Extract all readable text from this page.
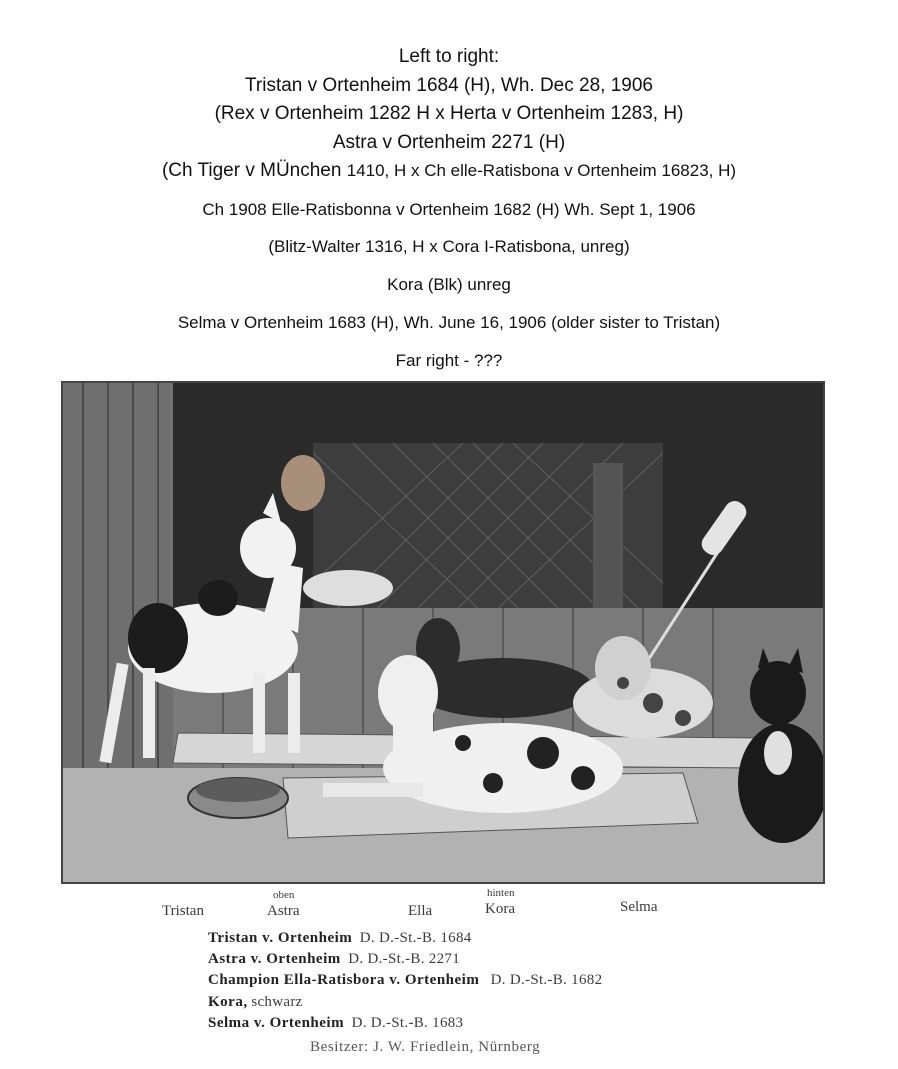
Left to right:
Tristan v Ortenheim 1684 (H), Wh. Dec 28, 1906
(Rex v Ortenheim 1282 H x Herta v Ortenheim 1283, H)
Astra v Ortenheim 2271 (H)
(Ch Tiger v MÜnchen 1410, H x Ch elle-Ratisbona v Ortenheim 16823, H)
Ch 1908 Elle-Ratisbonna v Ortenheim 1682 (H) Wh. Sept 1, 1906
(Blitz-Walter 1316, H x Cora I-Ratisbona, unreg)
Kora (Blk) unreg
Selma v Ortenheim 1683 (H), Wh. June 16, 1906 (older sister to Tristan)
Far right - ???
Tristan
oben
Astra	Ella
hinten
Kora	Selma
Tristan v. Ortenheim D. D.-St.-B. 1684
Astra v. Ortenheim D. D.-St.-B. 2271
Champion Ella-Ratisbora v. Ortenheim D. D.-St.-B. 1682
Kora, schwarz
Selma v. Ortenheim D. D.-St.-B. 1683
Besitzer: J. W. Friedlein, Nürnberg
